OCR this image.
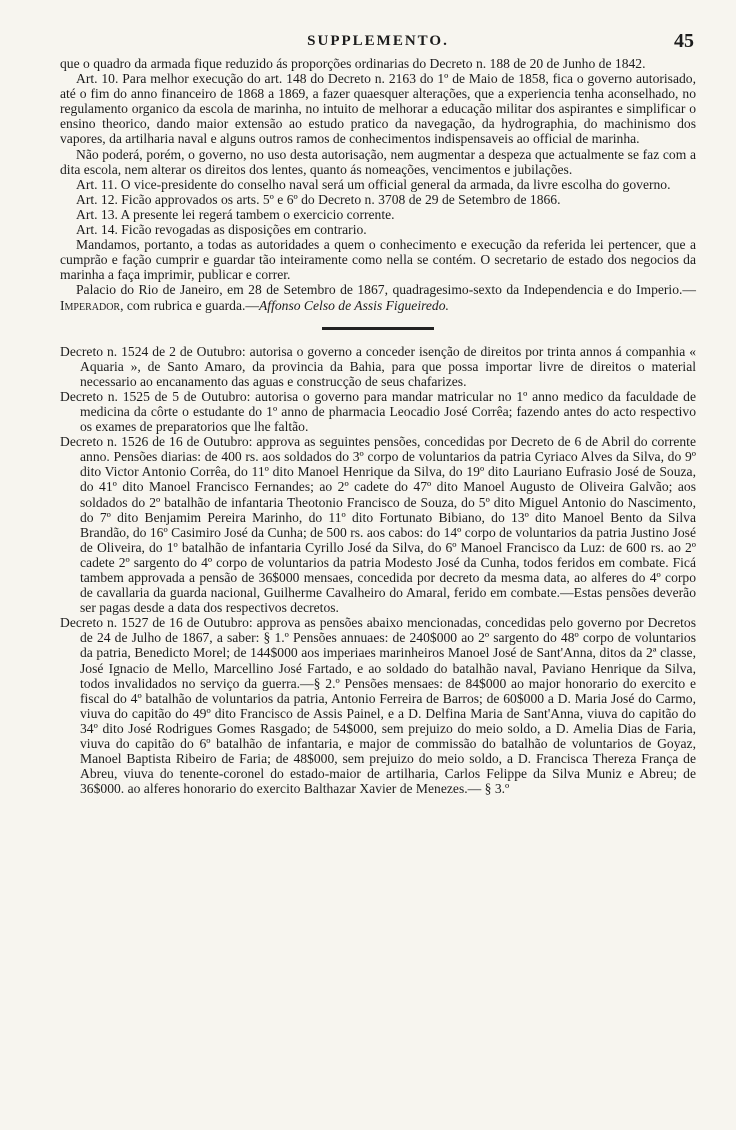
SUPPLEMENTO.	45

que o quadro da armada fique reduzido ás proporções ordinarias do Decreto n. 188 de 20 de Junho de 1842.

Art. 10. Para melhor execução do art. 148 do Decreto n. 2163 do 1º de Maio de 1858, fica o governo autorisado, até o fim do anno financeiro de 1868 a 1869, a fazer quaesquer alterações, que a experiencia tenha aconselhado, no regulamento organico da escola de marinha, no intuito de melhorar a educação militar dos aspirantes e simplificar o ensino theorico, dando maior extensão ao estudo pratico da navegação, da hydrographia, do machinismo dos vapores, da artilharia naval e alguns outros ramos de conhecimentos indispensaveis ao official de marinha.

Não poderá, porém, o governo, no uso desta autorisação, nem augmentar a despeza que actualmente se faz com a dita escola, nem alterar os direitos dos lentes, quanto ás nomeações, vencimentos e jubilações.

Art. 11. O vice-presidente do conselho naval será um official general da armada, da livre escolha do governo.

Art. 12. Ficão approvados os arts. 5º e 6º do Decreto n. 3708 de 29 de Setembro de 1866.

Art. 13. A presente lei regerá tambem o exercicio corrente.

Art. 14. Ficão revogadas as disposições em contrario.

Mandamos, portanto, a todas as autoridades a quem o conhecimento e execução da referida lei pertencer, que a cumprão e fação cumprir e guardar tão inteiramente como nella se contém. O secretario de estado dos negocios da marinha a faça imprimir, publicar e correr.

Palacio do Rio de Janeiro, em 28 de Setembro de 1867, quadragesimo-sexto da Independencia e do Imperio.—Imperador, com rubrica e guarda.—Affonso Celso de Assis Figueiredo.

Decreto n. 1524 de 2 de Outubro: autorisa o governo a conceder isenção de direitos por trinta annos á companhia « Aquaria », de Santo Amaro, da provincia da Bahia, para que possa importar livre de direitos o material necessario ao encanamento das aguas e construcção de seus chafarizes.

Decreto n. 1525 de 5 de Outubro: autorisa o governo para mandar matricular no 1º anno medico da faculdade de medicina da côrte o estudante do 1º anno de pharmacia Leocadio José Corrêa; fazendo antes do acto respectivo os exames de preparatorios que lhe faltão.

Decreto n. 1526 de 16 de Outubro: approva as seguintes pensões, concedidas por Decreto de 6 de Abril do corrente anno. Pensões diarias: de 400 rs. aos soldados do 3º corpo de voluntarios da patria Cyriaco Alves da Silva, do 9º dito Victor Antonio Corrêa, do 11º dito Manoel Henrique da Silva, do 19º dito Lauriano Eufrasio José de Souza, do 41º dito Manoel Francisco Fernandes; ao 2º cadete do 47º dito Manoel Augusto de Oliveira Galvão; aos soldados do 2º batalhão de infantaria Theotonio Francisco de Souza, do 5º dito Miguel Antonio do Nascimento, do 7º dito Benjamim Pereira Marinho, do 11º dito Fortunato Bibiano, do 13º dito Manoel Bento da Silva Brandão, do 16º Casimiro José da Cunha; de 500 rs. aos cabos: do 14º corpo de voluntarios da patria Justino José de Oliveira, do 1º batalhão de infantaria Cyrillo José da Silva, do 6º Manoel Francisco da Luz: de 600 rs. ao 2º cadete 2º sargento do 4º corpo de voluntarios da patria Modesto José da Cunha, todos feridos em combate. Ficá tambem approvada a pensão de 36$000 mensaes, concedida por decreto da mesma data, ao alferes do 4º corpo de cavallaria da guarda nacional, Guilherme Cavalheiro do Amaral, ferido em combate.—Estas pensões deverão ser pagas desde a data dos respectivos decretos.

Decreto n. 1527 de 16 de Outubro: approva as pensões abaixo mencionadas, concedidas pelo governo por Decretos de 24 de Julho de 1867, a saber: § 1.º Pensões annuaes: de 240$000 ao 2º sargento do 48º corpo de voluntarios da patria, Benedicto Morel; de 144$000 aos imperiaes marinheiros Manoel José de Sant'Anna, ditos da 2ª classe, José Ignacio de Mello, Marcellino José Fartado, e ao soldado do batalhão naval, Paviano Henrique da Silva, todos invalidados no serviço da guerra.—§ 2.º Pensões mensaes: de 84$000 ao major honorario do exercito e fiscal do 4º batalhão de voluntarios da patria, Antonio Ferreira de Barros; de 60$000 a D. Maria José do Carmo, viuva do capitão do 49º dito Francisco de Assis Painel, e a D. Delfina Maria de Sant'Anna, viuva do capitão do 34º dito José Rodrigues Gomes Rasgado; de 54$000, sem prejuizo do meio soldo, a D. Amelia Dias de Faria, viuva do capitão do 6º batalhão de infantaria, e major de commissão do batalhão de voluntarios de Goyaz, Manoel Baptista Ribeiro de Faria; de 48$000, sem prejuizo do meio soldo, a D. Francisca Thereza França de Abreu, viuva do tenente-coronel do estado-maior de artilharia, Carlos Felippe da Silva Muniz e Abreu; de 36$000. ao alferes honorario do exercito Balthazar Xavier de Menezes.— § 3.º
